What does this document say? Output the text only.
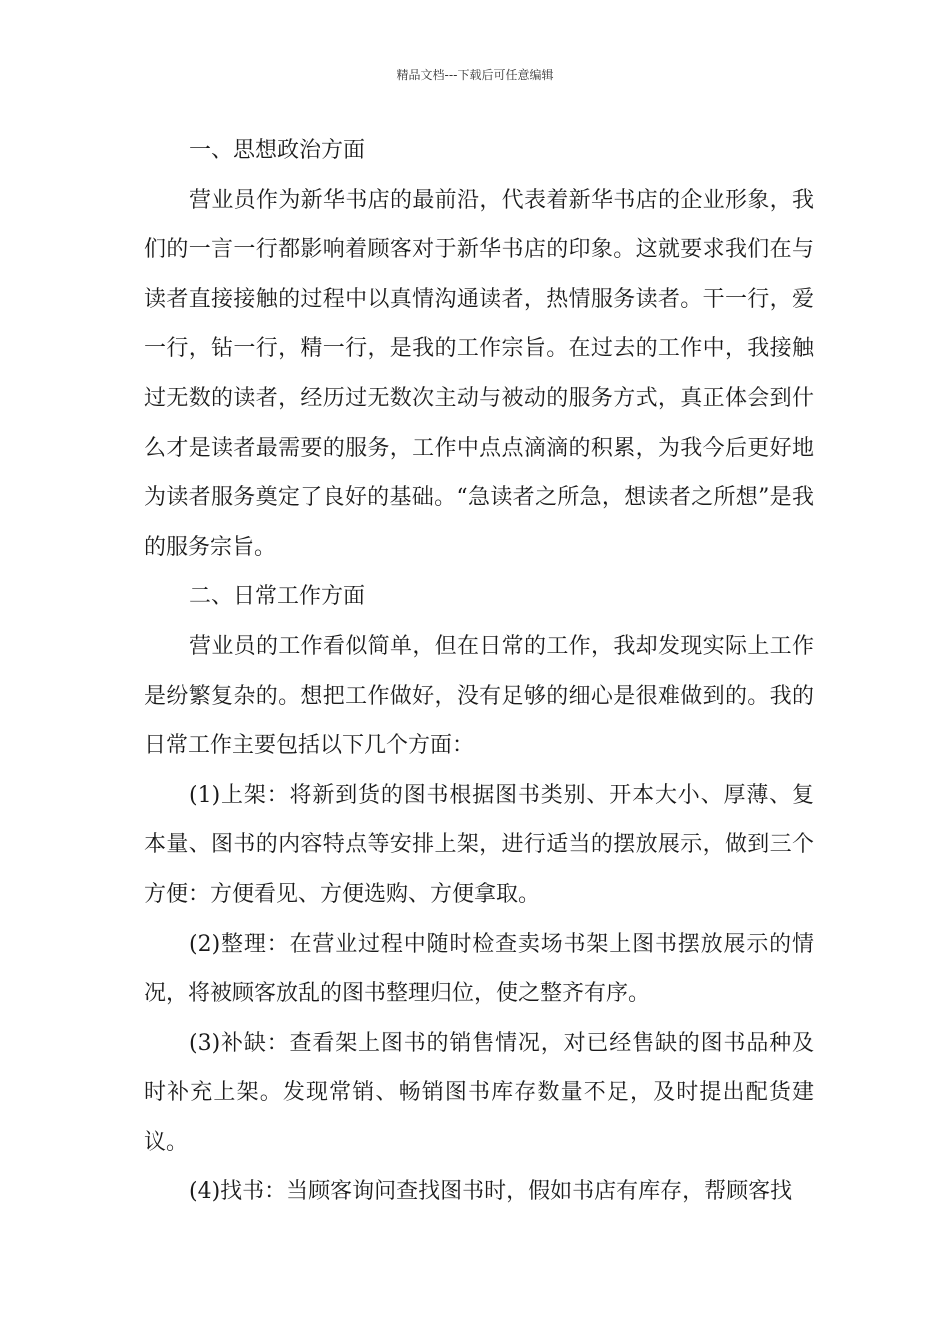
精品文档---下载后可任意编辑

一、思想政治方面

营业员作为新华书店的最前沿，代表着新华书店的企业形象，我们的一言一行都影响着顾客对于新华书店的印象。这就要求我们在与读者直接接触的过程中以真情沟通读者，热情服务读者。干一行，爱一行，钻一行，精一行，是我的工作宗旨。在过去的工作中，我接触过无数的读者，经历过无数次主动与被动的服务方式，真正体会到什么才是读者最需要的服务，工作中点点滴滴的积累，为我今后更好地为读者服务奠定了良好的基础。“急读者之所急，想读者之所想”是我的服务宗旨。

二、日常工作方面

营业员的工作看似简单，但在日常的工作，我却发现实际上工作是纷繁复杂的。想把工作做好，没有足够的细心是很难做到的。我的日常工作主要包括以下几个方面：

(1)上架：将新到货的图书根据图书类别、开本大小、厚薄、复本量、图书的内容特点等安排上架，进行适当的摆放展示，做到三个方便：方便看见、方便选购、方便拿取。

(2)整理：在营业过程中随时检查卖场书架上图书摆放展示的情况，将被顾客放乱的图书整理归位，使之整齐有序。

(3)补缺：查看架上图书的销售情况，对已经售缺的图书品种及时补充上架。发现常销、畅销图书库存数量不足，及时提出配货建议。

(4)找书：当顾客询问查找图书时，假如书店有库存，帮顾客找
